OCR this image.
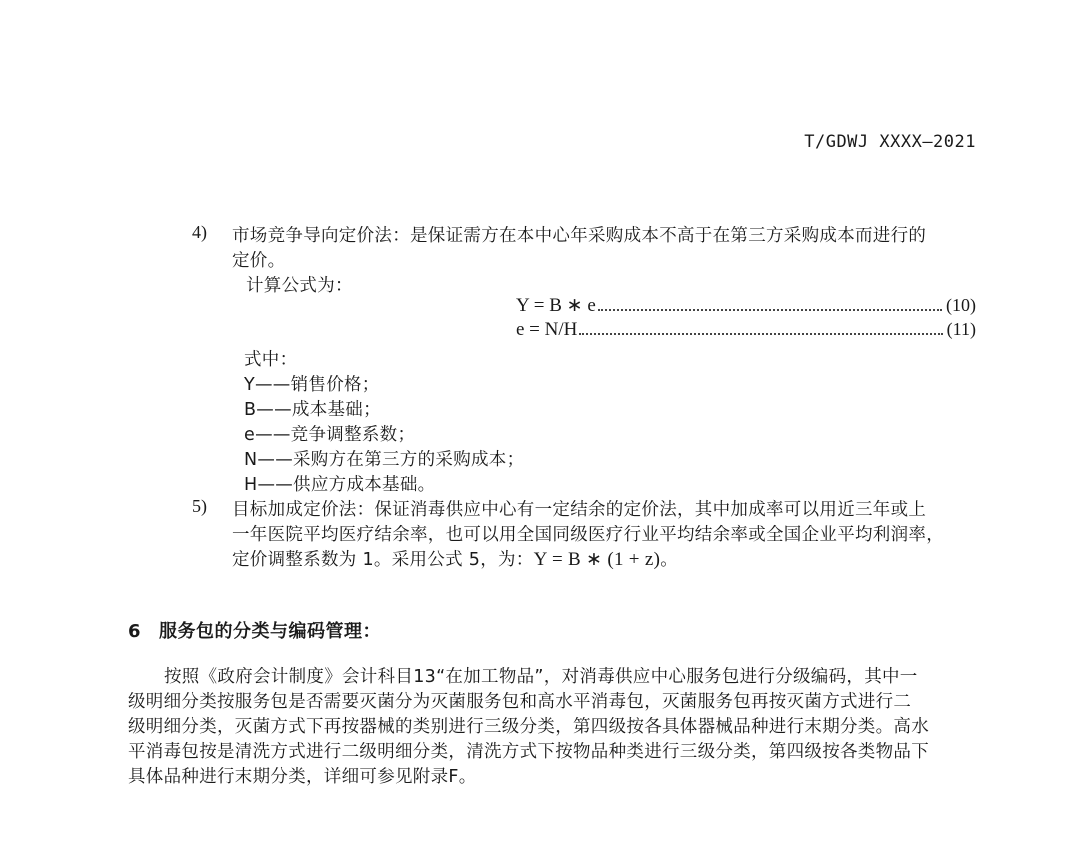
T/GDWJ XXXX—2021
4) 市场竞争导向定价法：是保证需方在本中心年采购成本不高于在第三方采购成本而进行的
定价。
计算公式为：
Y = B ∗ e	(10)
e = N/H	(11)
式中：
Y——销售价格；
B——成本基础；
e——竞争调整系数；
N——采购方在第三方的采购成本；
H——供应方成本基础。
5) 目标加成定价法：保证消毒供应中心有一定结余的定价法，其中加成率可以用近三年或上
一年医院平均医疗结余率，也可以用全国同级医疗行业平均结余率或全国企业平均利润率，
定价调整系数为 1。采用公式 5，为：Y = B ∗ (1 + z)。
6 服务包的分类与编码管理：
按照《政府会计制度》会计科目13“在加工物品”，对消毒供应中心服务包进行分级编码，其中一
级明细分类按服务包是否需要灭菌分为灭菌服务包和高水平消毒包，灭菌服务包再按灭菌方式进行二
级明细分类，灭菌方式下再按器械的类别进行三级分类，第四级按各具体器械品种进行末期分类。高水
平消毒包按是清洗方式进行二级明细分类，清洗方式下按物品种类进行三级分类，第四级按各类物品下
具体品种进行末期分类，详细可参见附录F。
